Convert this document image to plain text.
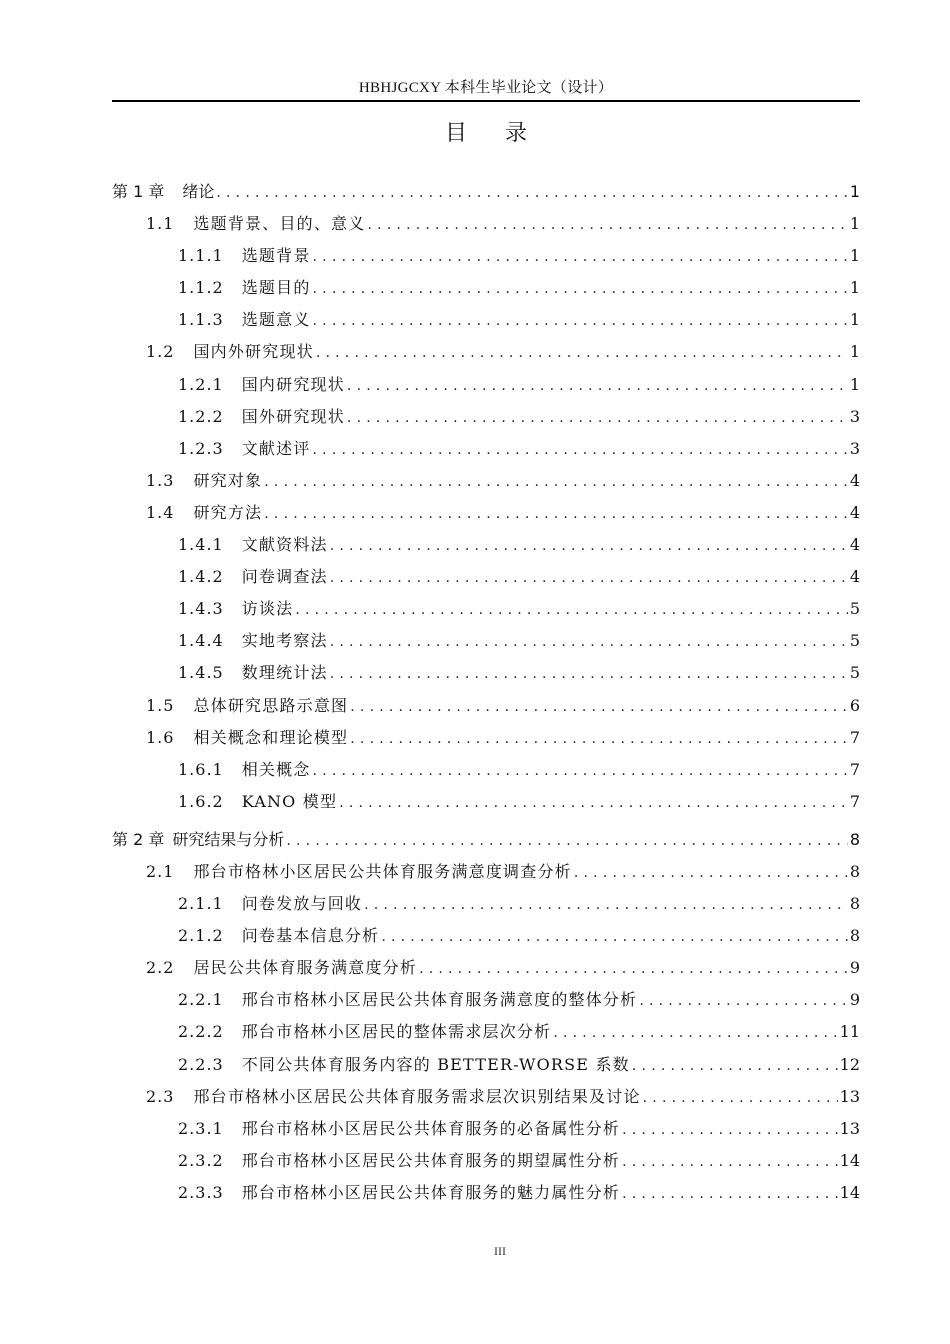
HBHJGCXY 本科生毕业论文（设计）
目录
第 1 章 绪论 .....	1
1.1 选题背景、目的、意义 .....	1
1.1.1 选题背景 .....	1
1.1.2 选题目的 .....	1
1.1.3 选题意义 .....	1
1.2 国内外研究现状 .....	1
1.2.1 国内研究现状 .....	1
1.2.2 国外研究现状 .....	3
1.2.3 文献述评 .....	3
1.3 研究对象 .....	4
1.4 研究方法 .....	4
1.4.1 文献资料法 .....	4
1.4.2 问卷调查法 .....	4
1.4.3 访谈法 .....	5
1.4.4 实地考察法 .....	5
1.4.5 数理统计法 .....	5
1.5 总体研究思路示意图 .....	6
1.6 相关概念和理论模型 .....	7
1.6.1 相关概念 .....	7
1.6.2 KANO 模型 .....	7
第 2 章 研究结果与分析 .....	8
2.1 邢台市格林小区居民公共体育服务满意度调查分析 .....	8
2.1.1 问卷发放与回收 .....	8
2.1.2 问卷基本信息分析 .....	8
2.2 居民公共体育服务满意度分析 .....	9
2.2.1 邢台市格林小区居民公共体育服务满意度的整体分析 .....	9
2.2.2 邢台市格林小区居民的整体需求层次分析 .....	11
2.2.3 不同公共体育服务内容的 BETTER-WORSE 系数 .....	12
2.3 邢台市格林小区居民公共体育服务需求层次识别结果及讨论 .....	13
2.3.1 邢台市格林小区居民公共体育服务的必备属性分析 .....	13
2.3.2 邢台市格林小区居民公共体育服务的期望属性分析 .....	14
2.3.3 邢台市格林小区居民公共体育服务的魅力属性分析 .....	14
III
